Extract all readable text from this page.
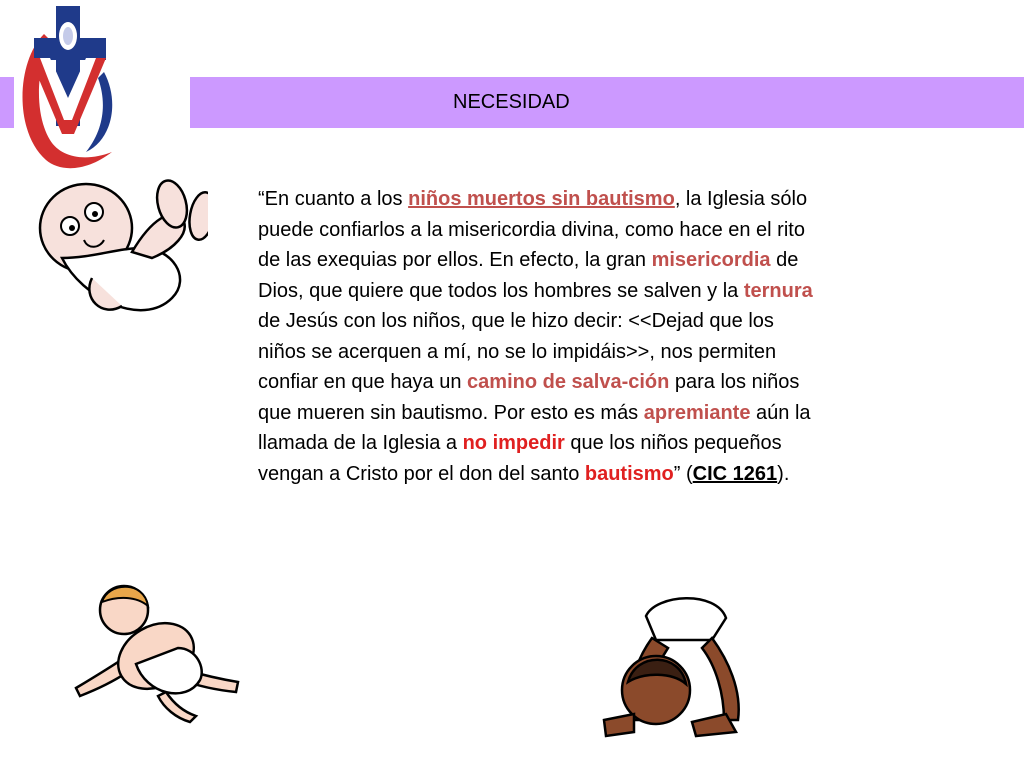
NECESIDAD
“En cuanto a los niños muertos sin bautismo, la Iglesia sólo puede confiarlos a la misericordia divina, como hace en el rito de las exequias por ellos. En efecto, la gran misericordia de Dios, que quiere que todos los hombres se salven y la ternura de Jesús con los niños, que le hizo decir: <<Dejad que los niños se acerquen a mí, no se lo impidáis>>, nos permiten confiar en que haya un camino de salva-ción para los niños que mueren sin bautismo. Por esto es más apremiante aún la llamada de la Iglesia a no impedir que los niños pequeños vengan a Cristo por el don del santo bautismo” (CIC 1261).
